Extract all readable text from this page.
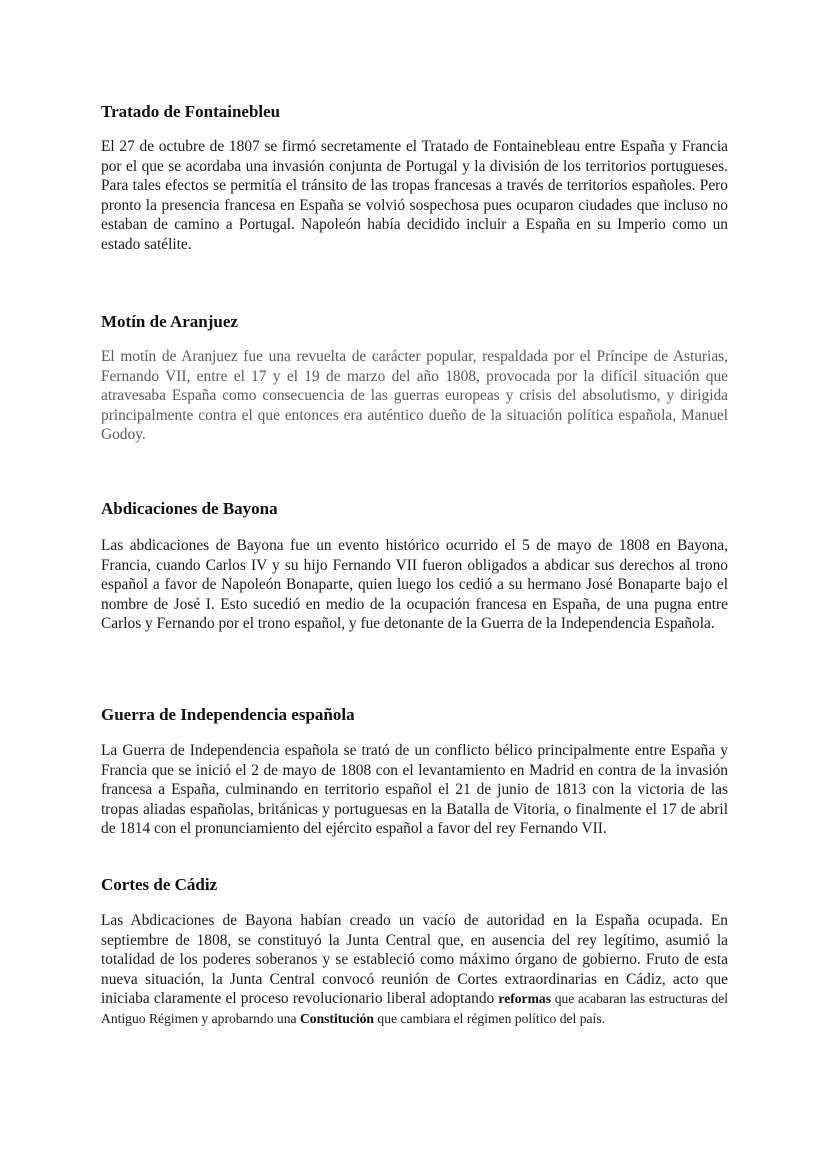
Tratado de Fontainebleu

El 27 de octubre de 1807 se firmó secretamente el Tratado de Fontainebleau entre España y Francia por el que se acordaba una invasión conjunta de Portugal y la división de los territorios portugueses. Para tales efectos se permitía el tránsito de las tropas francesas a través de territorios españoles. Pero pronto la presencia francesa en España se volvió sospechosa pues ocuparon ciudades que incluso no estaban de camino a Portugal. Napoleón había decidido incluir a España en su Imperio como un estado satélite.

Motín de Aranjuez

El motín de Aranjuez fue una revuelta de carácter popular, respaldada por el Príncipe de Asturias, Fernando VII, entre el 17 y el 19 de marzo del año 1808, provocada por la difícil situación que atravesaba España como consecuencia de las guerras europeas y crisis del absolutismo, y dirigida principalmente contra el que entonces era auténtico dueño de la situación política española, Manuel Godoy.

Abdicaciones de Bayona

Las abdicaciones de Bayona fue un evento histórico ocurrido el 5 de mayo de 1808 en Bayona, Francia, cuando Carlos IV y su hijo Fernando VII fueron obligados a abdicar sus derechos al trono español a favor de Napoleón Bonaparte, quien luego los cedió a su hermano José Bonaparte bajo el nombre de José I. Esto sucedió en medio de la ocupación francesa en España, de una pugna entre Carlos y Fernando por el trono español, y fue detonante de la Guerra de la Independencia Española.

Guerra de Independencia española

La Guerra de Independencia española se trató de un conflicto bélico principalmente entre España y Francia que se inició el 2 de mayo de 1808 con el levantamiento en Madrid en contra de la invasión francesa a España, culminando en territorio español el 21 de junio de 1813 con la victoria de las tropas aliadas españolas, británicas y portuguesas en la Batalla de Vitoria, o finalmente el 17 de abril de 1814 con el pronunciamiento del ejército español a favor del rey Fernando VII.

Cortes de Cádiz

Las Abdicaciones de Bayona habían creado un vacío de autoridad en la España ocupada. En septiembre de 1808, se constituyó la Junta Central que, en ausencia del rey legítimo, asumió la totalidad de los poderes soberanos y se estableció como máximo órgano de gobierno. Fruto de esta nueva situación, la Junta Central convocó reunión de Cortes extraordinarias en Cádiz, acto que iniciaba claramente el proceso revolucionario liberal adoptando reformas que acabaran las estructuras del Antiguo Régimen y aprobarndo una Constitución que cambiara el régimen político del país.
